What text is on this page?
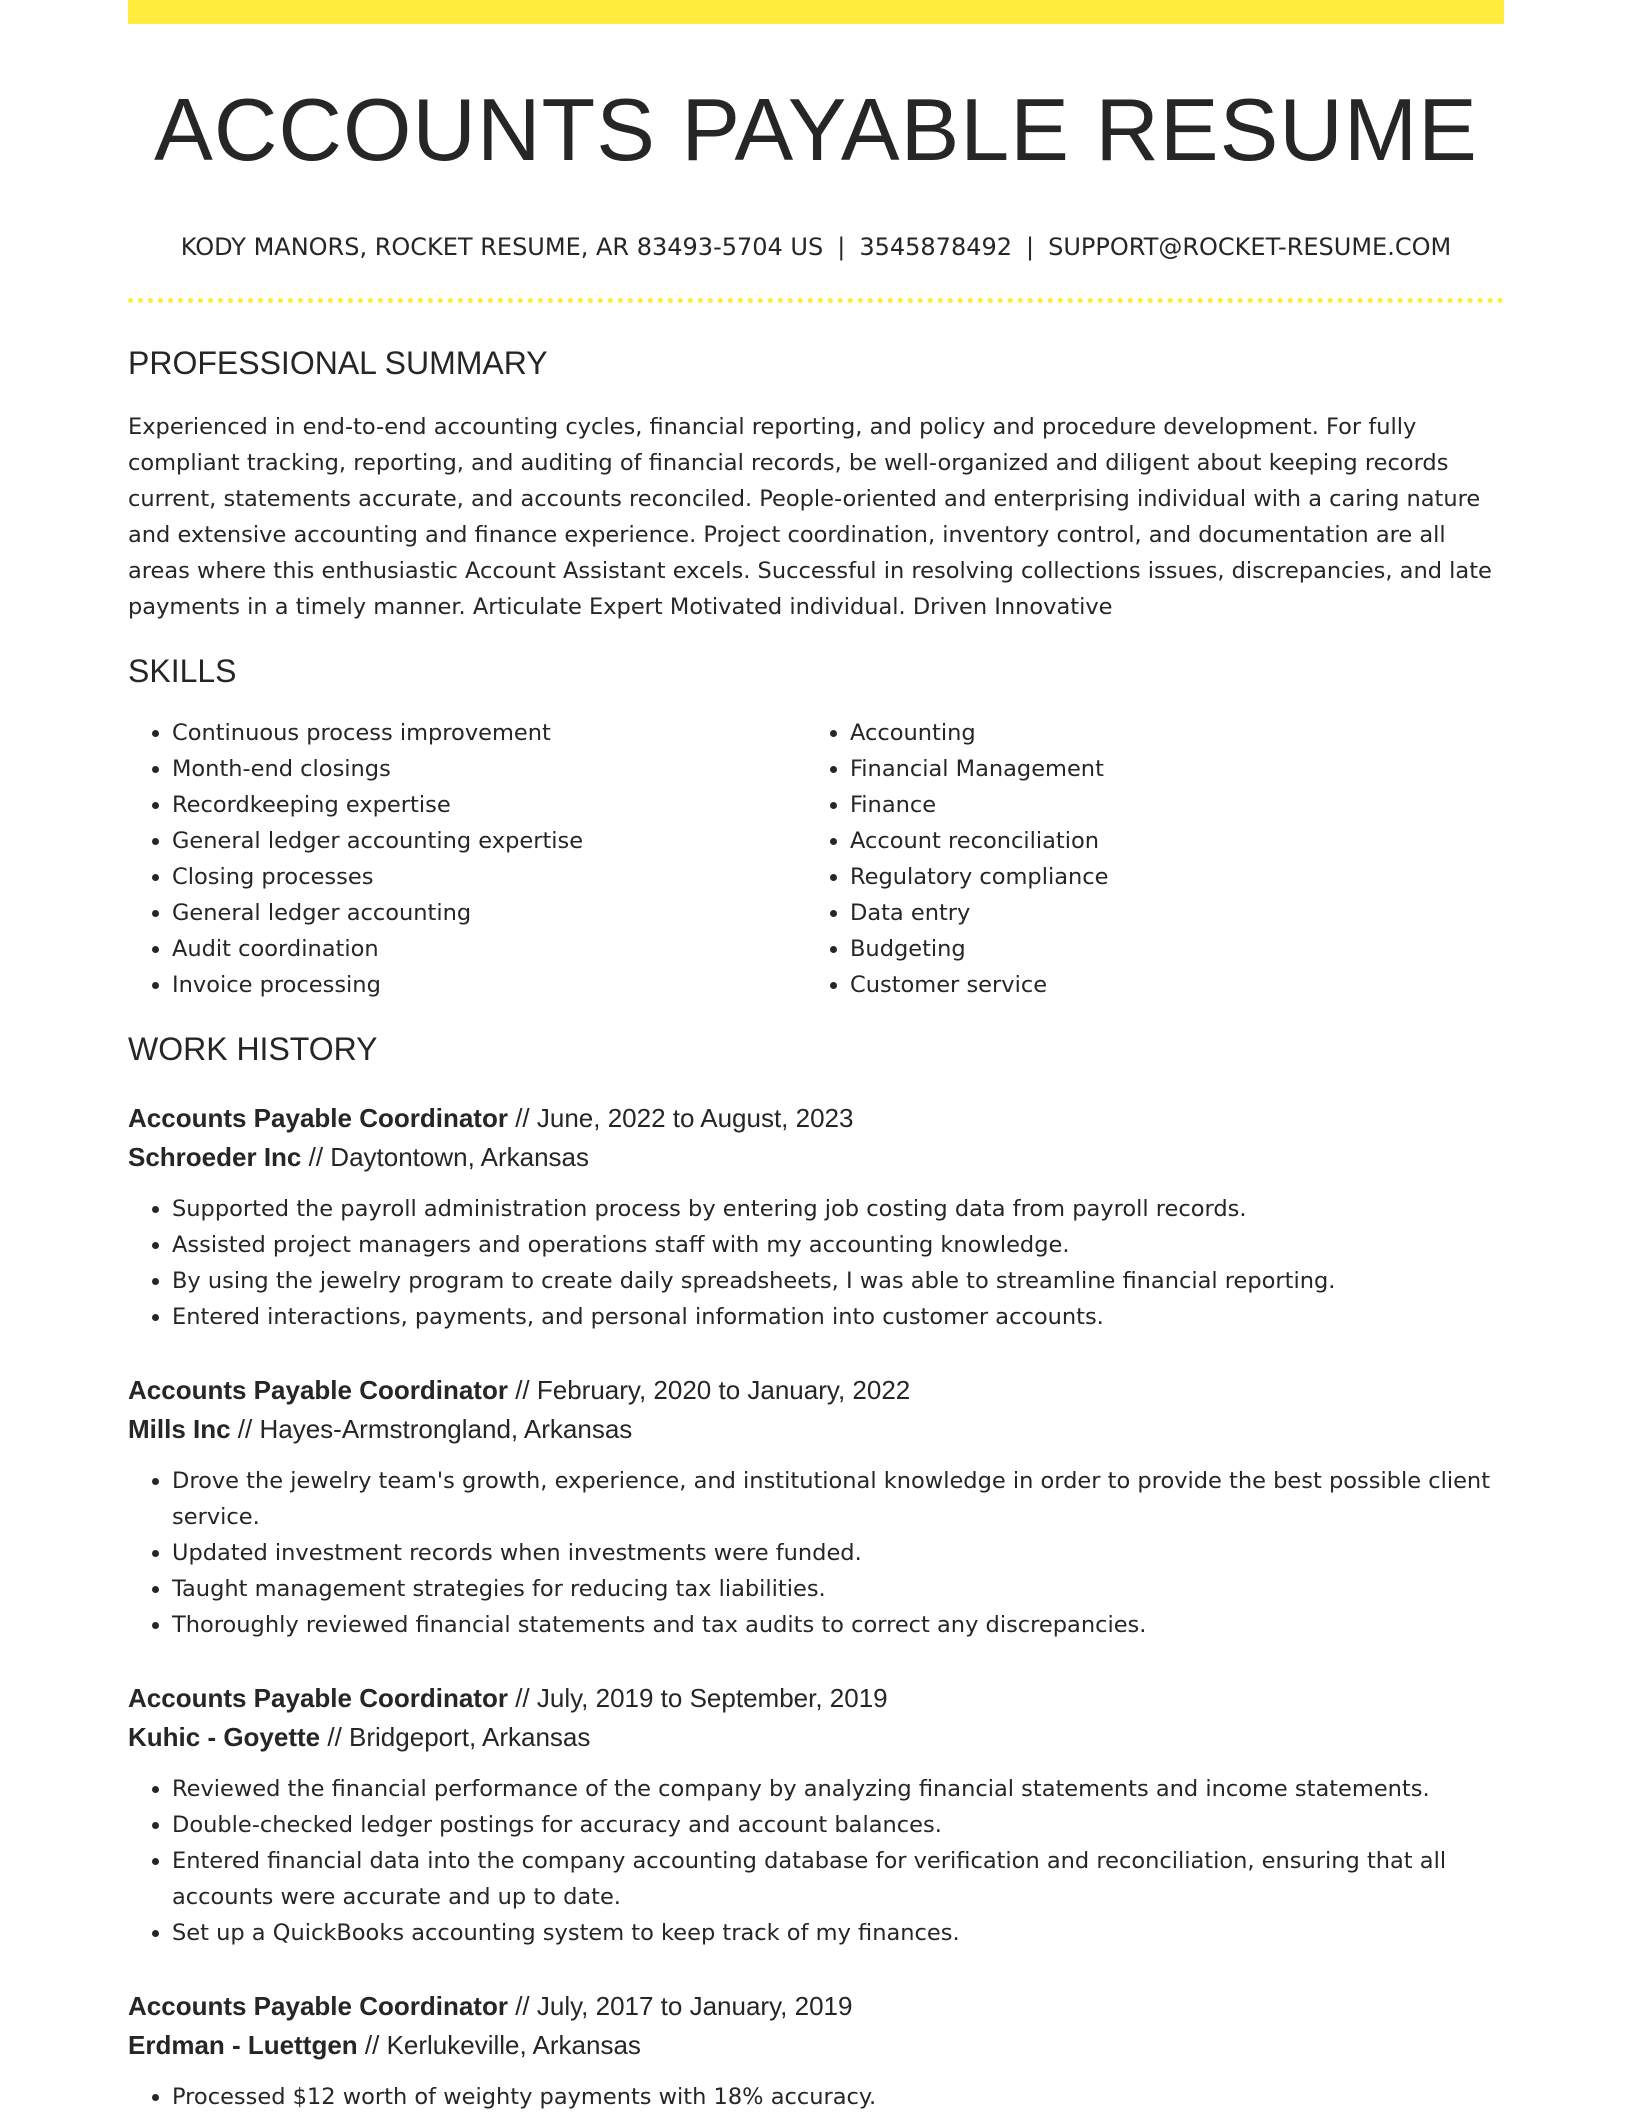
ACCOUNTS PAYABLE RESUME
KODY MANORS, ROCKET RESUME, AR 83493-5704 US | 3545878492 | SUPPORT@ROCKET-RESUME.COM
PROFESSIONAL SUMMARY
Experienced in end-to-end accounting cycles, financial reporting, and policy and procedure development. For fully compliant tracking, reporting, and auditing of financial records, be well-organized and diligent about keeping records current, statements accurate, and accounts reconciled. People-oriented and enterprising individual with a caring nature and extensive accounting and finance experience. Project coordination, inventory control, and documentation are all areas where this enthusiastic Account Assistant excels. Successful in resolving collections issues, discrepancies, and late payments in a timely manner. Articulate Expert Motivated individual. Driven Innovative
SKILLS
• Continuous process improvement
• Month-end closings
• Recordkeeping expertise
• General ledger accounting expertise
• Closing processes
• General ledger accounting
• Audit coordination
• Invoice processing
• Accounting
• Financial Management
• Finance
• Account reconciliation
• Regulatory compliance
• Data entry
• Budgeting
• Customer service
WORK HISTORY
Accounts Payable Coordinator // June, 2022 to August, 2023
Schroeder Inc // Daytontown, Arkansas
• Supported the payroll administration process by entering job costing data from payroll records.
• Assisted project managers and operations staff with my accounting knowledge.
• By using the jewelry program to create daily spreadsheets, I was able to streamline financial reporting.
• Entered interactions, payments, and personal information into customer accounts.
Accounts Payable Coordinator // February, 2020 to January, 2022
Mills Inc // Hayes-Armstrongland, Arkansas
• Drove the jewelry team's growth, experience, and institutional knowledge in order to provide the best possible client service.
• Updated investment records when investments were funded.
• Taught management strategies for reducing tax liabilities.
• Thoroughly reviewed financial statements and tax audits to correct any discrepancies.
Accounts Payable Coordinator // July, 2019 to September, 2019
Kuhic - Goyette // Bridgeport, Arkansas
• Reviewed the financial performance of the company by analyzing financial statements and income statements.
• Double-checked ledger postings for accuracy and account balances.
• Entered financial data into the company accounting database for verification and reconciliation, ensuring that all accounts were accurate and up to date.
• Set up a QuickBooks accounting system to keep track of my finances.
Accounts Payable Coordinator // July, 2017 to January, 2019
Erdman - Luettgen // Kerlukeville, Arkansas
• Processed $12 worth of weighty payments with 18% accuracy.
